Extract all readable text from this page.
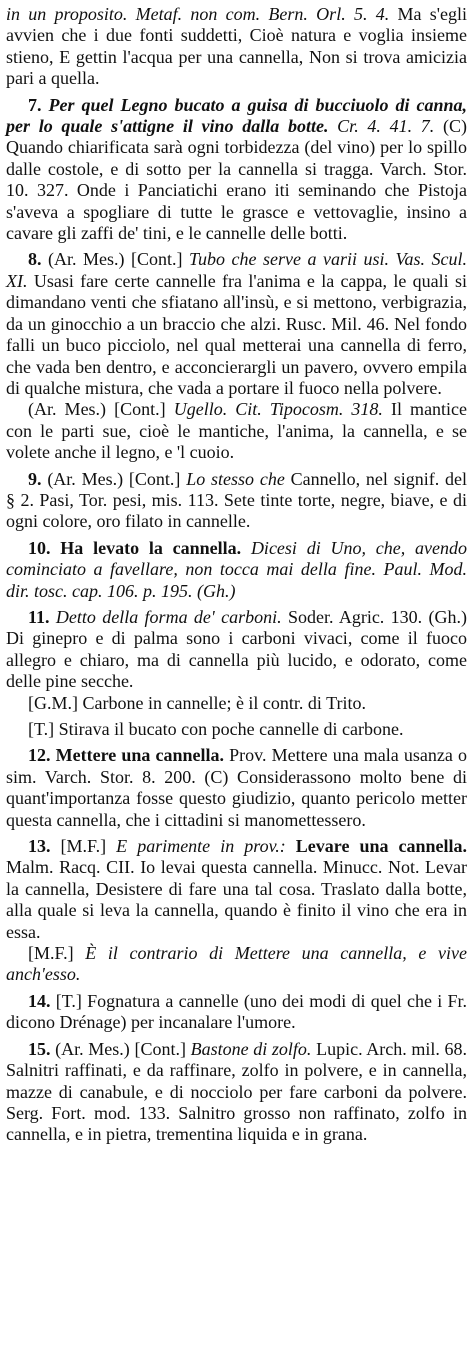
in un proposito. Metaf. non com. Bern. Orl. 5. 4. Ma s'egli avvien che i due fonti suddetti, Cioè natura e voglia insieme stieno, E gettin l'acqua per una cannella, Non si trova amicizia pari a quella.

7. Per quel Legno bucato a guisa di bucciuolo di canna, per lo quale s'attigne il vino dalla botte. Cr. 4. 41. 7. (C) Quando chiarificata sarà ogni torbidezza (del vino) per lo spillo dalle costole, e di sotto per la cannella si tragga. Varch. Stor. 10. 327. Onde i Panciatichi erano iti seminando che Pistoja s'aveva a spogliare di tutte le grasce e vettovaglie, insino a cavare gli zaffi de' tini, e le cannelle delle botti.

8. (Ar. Mes.) [Cont.] Tubo che serve a varii usi. Vas. Scul. XI. Usasi fare certe cannelle fra l'anima e la cappa, le quali si dimandano venti che sfiatano all'insù, e si mettono, verbigrazia, da un ginocchio a un braccio che alzi. Rusc. Mil. 46. Nel fondo falli un buco picciolo, nel qual metterai una cannella di ferro, che vada ben dentro, e acconcierargli un pavero, ovvero empila di qualche mistura, che vada a portare il fuoco nella polvere.

(Ar. Mes.) [Cont.] Ugello. Cit. Tipocosm. 318. Il mantice con le parti sue, cioè le mantiche, l'anima, la cannella, e se volete anche il legno, e 'l cuoio.

9. (Ar. Mes.) [Cont.] Lo stesso che Cannello, nel signif. del § 2. Pasi, Tor. pesi, mis. 113. Sete tinte torte, negre, biave, e di ogni colore, oro filato in cannelle.

10. Ha levato la cannella. Dicesi di Uno, che, avendo cominciato a favellare, non tocca mai della fine. Paul. Mod. dir. tosc. cap. 106. p. 195. (Gh.)

11. Detto della forma de' carboni. Soder. Agric. 130. (Gh.) Di ginepro e di palma sono i carboni vivaci, come il fuoco allegro e chiaro, ma di cannella più lucido, e odorato, come delle pine secche.

[G.M.] Carbone in cannelle; è il contr. di Trito.

[T.] Stirava il bucato con poche cannelle di carbone.

12. Mettere una cannella. Prov. Mettere una mala usanza o sim. Varch. Stor. 8. 200. (C) Considerassono molto bene di quant'importanza fosse questo giudizio, quanto pericolo metter questa cannella, che i cittadini si manomettessero.

13. [M.F.] E parimente in prov.: Levare una cannella. Malm. Racq. CII. Io levai questa cannella. Minucc. Not. Levar la cannella, Desistere di fare una tal cosa. Traslato dalla botte, alla quale si leva la cannella, quando è finito il vino che era in essa.

[M.F.] È il contrario di Mettere una cannella, e vive anch'esso.

14. [T.] Fognatura a cannelle (uno dei modi di quel che i Fr. dicono Drénage) per incanalare l'umore.

15. (Ar. Mes.) [Cont.] Bastone di zolfo. Lupic. Arch. mil. 68. Salnitri raffinati, e da raffinare, zolfo in polvere, e in cannella, mazze di canabule, e di nocciolo per fare carboni da polvere. Serg. Fort. mod. 133. Salnitro grosso non raffinato, zolfo in cannella, e in pietra, trementina liquida e in grana.
